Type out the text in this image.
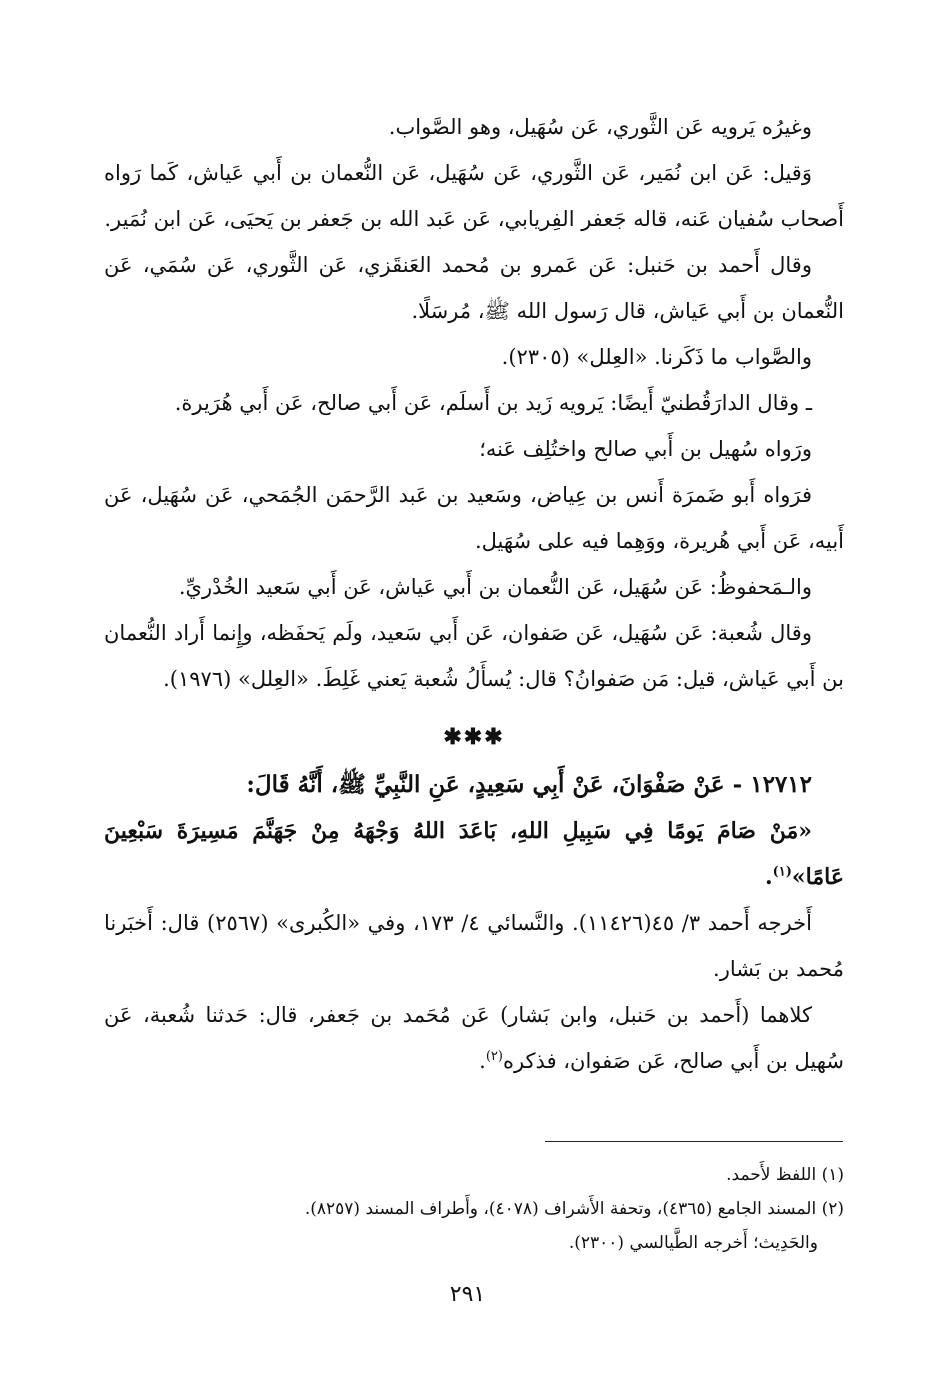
وغيرُه يَرويه عَن الثَّوري، عَن سُهَيل، وهو الصَّواب.

وَقيل: عَن ابن نُمَير، عَن الثَّوري، عَن سُهَيل، عَن النُّعمان بن أَبي عَياش، كَما رَواه أَصحاب سُفيان عَنه، قاله جَعفر الفِريابي، عَن عَبد الله بن جَعفر بن يَحيَى، عَن ابن نُمَير.

وقال أَحمد بن حَنبل: عَن عَمرو بن مُحمد العَنقَزي، عَن الثَّوري، عَن سُمَي، عَن النُّعمان بن أَبي عَياش، قال رَسول الله ﷺ، مُرسَلًا.

والصَّواب ما ذَكَرنا. «العِلل» (٢٣٠٥).

ـ وقال الدارَقُطنيّ أَيضًا: يَرويه زَيد بن أَسلَم، عَن أَبي صالح، عَن أَبي هُرَيرة.

ورَواه سُهيل بن أَبي صالح واختُلِف عَنه؛

فرَواه أَبو ضَمرَة أَنس بن عِياض، وسَعيد بن عَبد الرَّحمَن الجُمَحي، عَن سُهَيل، عَن أَبيه، عَن أَبي هُريرة، ووَهِما فيه على سُهَيل.

والـمَحفوظُ: عَن سُهَيل، عَن النُّعمان بن أَبي عَياش، عَن أَبي سَعيد الخُدْريِّ.

وقال شُعبة: عَن سُهَيل، عَن صَفوان، عَن أَبي سَعيد، ولَم يَحفَظه، وإِنما أَراد النُّعمان بن أَبي عَياش، قيل: مَن صَفوانُ؟ قال: يُسأَلُ شُعبة يَعني غَلِطَ. «العِلل» (١٩٧٦).

✱✱✱

١٢٧١٢ - عَنْ صَفْوَانَ، عَنْ أَبِي سَعِيدٍ، عَنِ النَّبِيِّ ﷺ، أَنَّهُ قَالَ:

«مَنْ صَامَ يَومًا فِي سَبِيلِ اللهِ، بَاعَدَ اللهُ وَجْهَهُ مِنْ جَهَنَّمَ مَسِيرَةَ سَبْعِينَ عَامًا»$^{(١)}$.

أَخرجه أَحمد ٣/ ٤٥(١١٤٢٦). والنَّسائي ٤/ ١٧٣، وفي «الكُبرى» (٢٥٦٧) قال: أَخبَرنا مُحمد بن بَشار.

كلاهما (أَحمد بن حَنبل، وابن بَشار) عَن مُحَمد بن جَعفر، قال: حَدثنا شُعبة، عَن سُهيل بن أَبي صالح، عَن صَفوان، فذكره$^{(٢)}$.

(١) اللفظ لأَحمد.

(٢) المسند الجامع (٤٣٦٥)، وتحفة الأَشراف (٤٠٧٨)، وأَطراف المسند (٨٢٥٧).

والحَدِيث؛ أَخرجه الطَّيالسي (٢٣٠٠).

٢٩١
